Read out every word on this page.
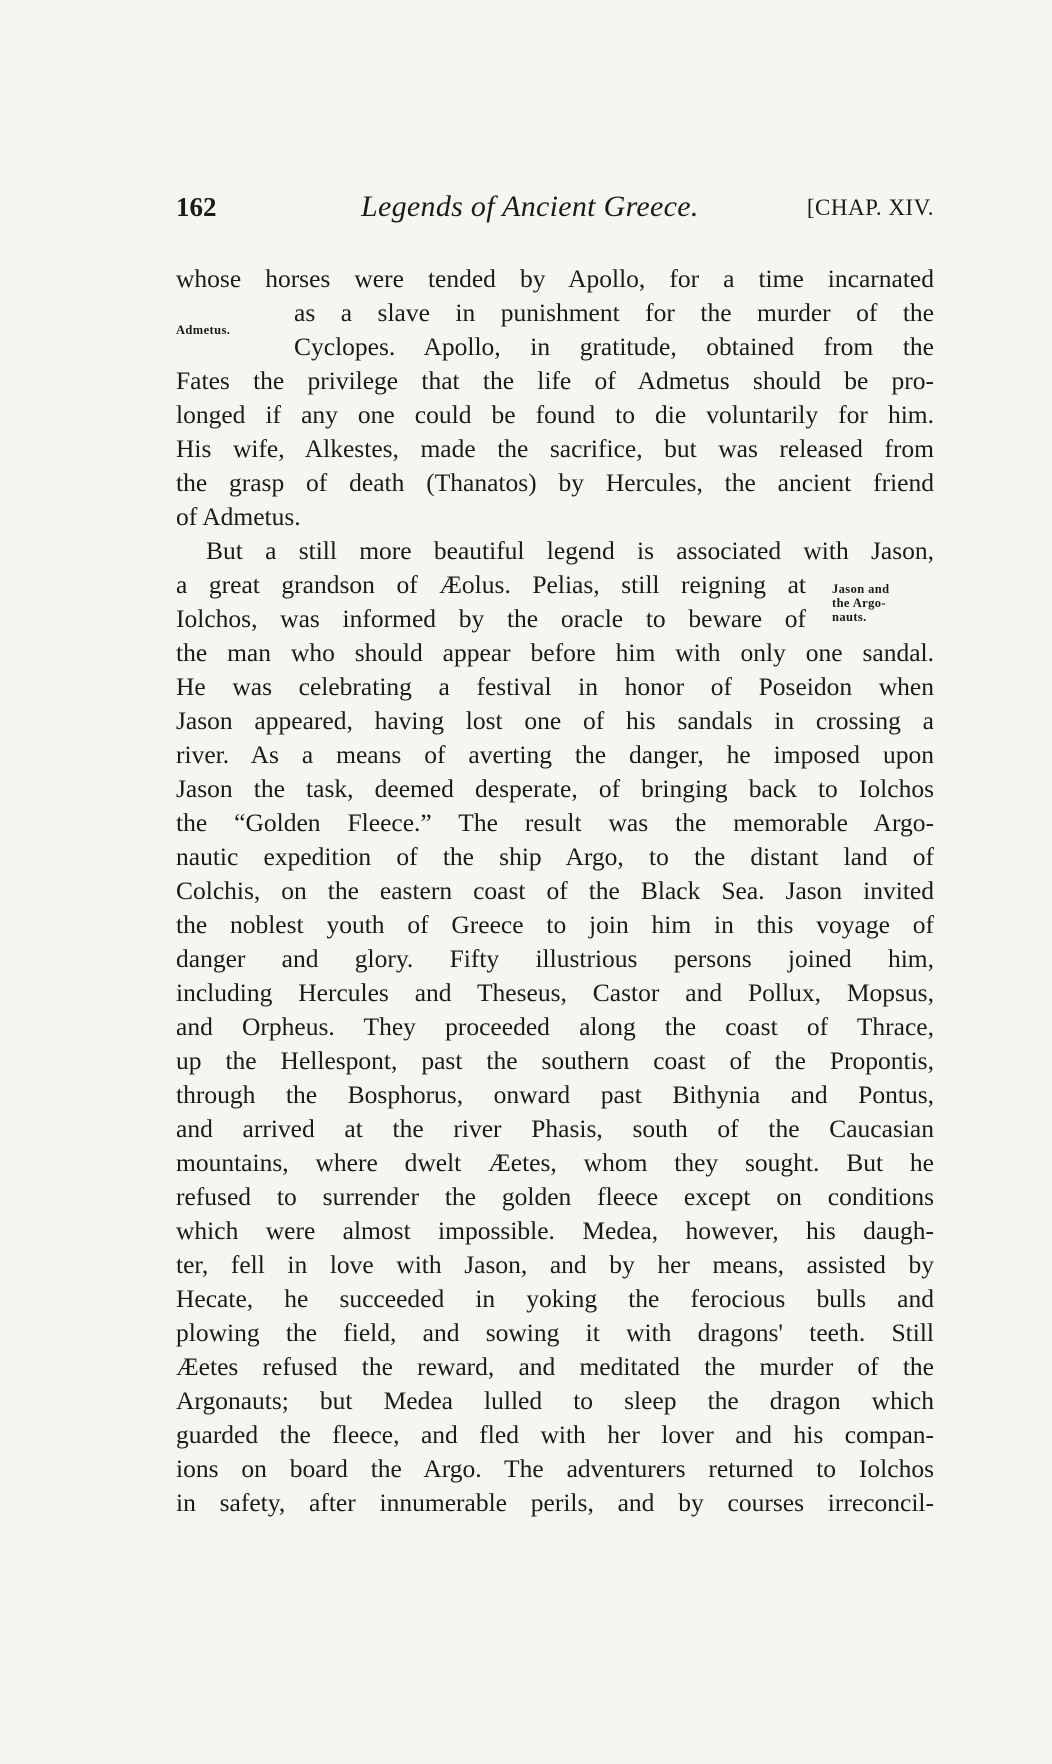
162	Legends of Ancient Greece.	[CHAP. XIV.
Admetus.
Jason and
the Argo-
nauts.
whose horses were tended by Apollo, for a time incarnated
as a slave in punishment for the murder of the
Cyclopes. Apollo, in gratitude, obtained from the
Fates the privilege that the life of Admetus should be pro-
longed if any one could be found to die voluntarily for him.
His wife, Alkestes, made the sacrifice, but was released from
the grasp of death (Thanatos) by Hercules, the ancient friend
of Admetus.
But a still more beautiful legend is associated with Jason,
a great grandson of Æolus. Pelias, still reigning at
Iolchos, was informed by the oracle to beware of
the man who should appear before him with only one sandal.
He was celebrating a festival in honor of Poseidon when
Jason appeared, having lost one of his sandals in crossing a
river. As a means of averting the danger, he imposed upon
Jason the task, deemed desperate, of bringing back to Iolchos
the “Golden Fleece.” The result was the memorable Argo-
nautic expedition of the ship Argo, to the distant land of
Colchis, on the eastern coast of the Black Sea. Jason invited
the noblest youth of Greece to join him in this voyage of
danger and glory. Fifty illustrious persons joined him,
including Hercules and Theseus, Castor and Pollux, Mopsus,
and Orpheus. They proceeded along the coast of Thrace,
up the Hellespont, past the southern coast of the Propontis,
through the Bosphorus, onward past Bithynia and Pontus,
and arrived at the river Phasis, south of the Caucasian
mountains, where dwelt Æetes, whom they sought. But he
refused to surrender the golden fleece except on conditions
which were almost impossible. Medea, however, his daugh-
ter, fell in love with Jason, and by her means, assisted by
Hecate, he succeeded in yoking the ferocious bulls and
plowing the field, and sowing it with dragons' teeth. Still
Æetes refused the reward, and meditated the murder of the
Argonauts; but Medea lulled to sleep the dragon which
guarded the fleece, and fled with her lover and his compan-
ions on board the Argo. The adventurers returned to Iolchos
in safety, after innumerable perils, and by courses irreconcil-
